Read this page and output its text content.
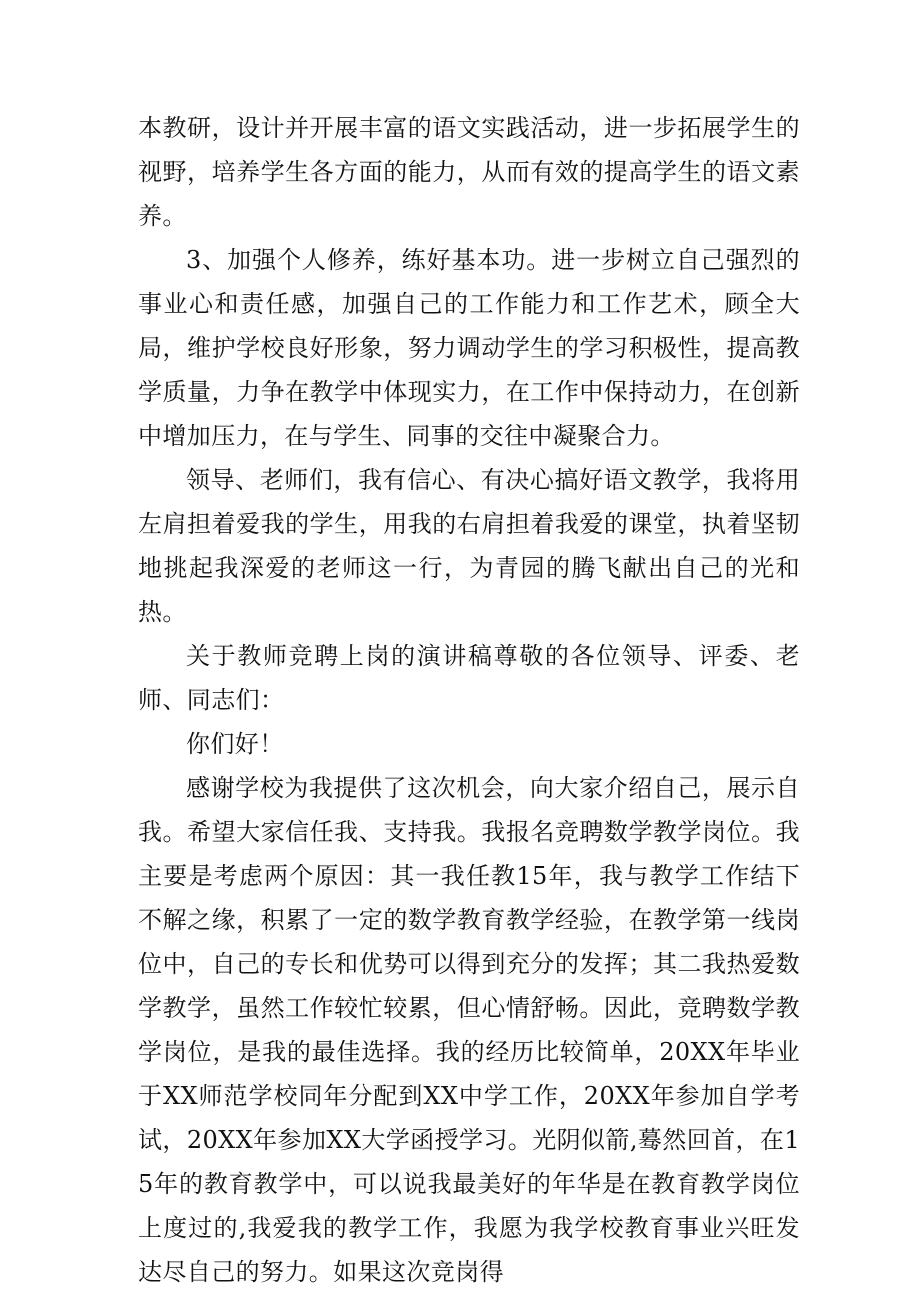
本教研，设计并开展丰富的语文实践活动，进一步拓展学生的视野，培养学生各方面的能力，从而有效的提高学生的语文素养。

3、加强个人修养，练好基本功。进一步树立自己强烈的事业心和责任感，加强自己的工作能力和工作艺术，顾全大局，维护学校良好形象，努力调动学生的学习积极性，提高教学质量，力争在教学中体现实力，在工作中保持动力，在创新中增加压力，在与学生、同事的交往中凝聚合力。

领导、老师们，我有信心、有决心搞好语文教学，我将用左肩担着爱我的学生，用我的右肩担着我爱的课堂，执着坚韧地挑起我深爱的老师这一行，为青园的腾飞献出自己的光和热。

关于教师竞聘上岗的演讲稿尊敬的各位领导、评委、老师、同志们：

你们好！

感谢学校为我提供了这次机会，向大家介绍自己，展示自我。希望大家信任我、支持我。我报名竞聘数学教学岗位。我主要是考虑两个原因：其一我任教15年，我与教学工作结下不解之缘，积累了一定的数学教育教学经验，在教学第一线岗位中，自己的专长和优势可以得到充分的发挥；其二我热爱数学教学，虽然工作较忙较累，但心情舒畅。因此，竞聘数学教学岗位，是我的最佳选择。我的经历比较简单，20XX年毕业于XX师范学校同年分配到XX中学工作，20XX年参加自学考试，20XX年参加XX大学函授学习。光阴似箭,蓦然回首，在15年的教育教学中，可以说我最美好的年华是在教育教学岗位上度过的,我爱我的教学工作，我愿为我学校教育事业兴旺发达尽自己的努力。如果这次竞岗得
